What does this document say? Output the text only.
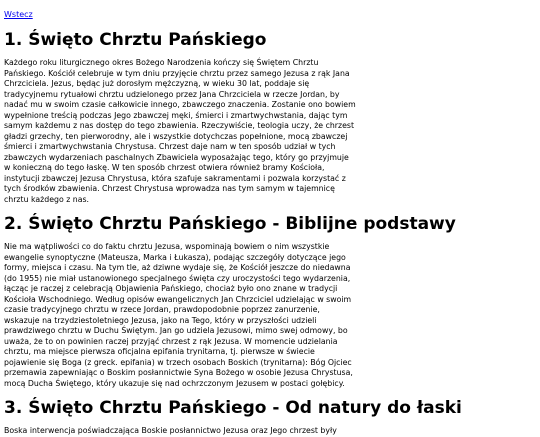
Wstecz
1. Święto Chrztu Pańskiego

Każdego roku liturgicznego okres Bożego Narodzenia kończy się Świętem Chrztu Pańskiego. Kościół celebruje w tym dniu przyjęcie chrztu przez samego Jezusa z rąk Jana Chrzciciela. Jezus, będąc już dorosłym mężczyzną, w wieku 30 lat, poddaje się tradycyjnemu rytuałowi chrztu udzielonego przez Jana Chrzciciela w rzecze Jordan, by nadać mu w swoim czasie całkowicie innego, zbawczego znaczenia. Zostanie ono bowiem wypełnione treścią podczas Jego zbawczej męki, śmierci i zmartwychwstania, dając tym samym każdemu z nas dostęp do tego zbawienia. Rzeczywiście, teologia uczy, że chrzest gładzi grzechy, ten pierworodny, ale i wszystkie dotychczas popełnione, mocą zbawczej śmierci i zmartwychwstania Chrystusa. Chrzest daje nam w ten sposób udział w tych zbawczych wydarzeniach paschalnych Zbawiciela wyposażając tego, który go przyjmuje w konieczną do tego łaskę. W ten sposób chrzest otwiera również bramy Kościoła, instytucji zbawczej Jezusa Chrystusa, która szafuje sakramentami i pozwala korzystać z tych środków zbawienia. Chrzest Chrystusa wprowadza nas tym samym w tajemnicę chrztu każdego z nas.

2. Święto Chrztu Pańskiego - Biblijne podstawy

Nie ma wątpliwości co do faktu chrztu Jezusa, wspominają bowiem o nim wszystkie ewangelie synoptyczne (Mateusza, Marka i Łukasza), podając szczegóły dotyczące jego formy, miejsca i czasu. Na tym tle, aż dziwne wydaje się, że Kościół jeszcze do niedawna (do 1955) nie miał ustanowionego specjalnego święta czy uroczystości tego wydarzenia, łącząc je raczej z celebracją Objawienia Pańskiego, chociaż było ono znane w tradycji Kościoła Wschodniego. Według opisów ewangelicznych Jan Chrzciciel udzielając w swoim czasie tradycyjnego chrztu w rzece Jordan, prawdopodobnie poprzez zanurzenie, wskazuje na trzydziestoletniego Jezusa, jako na Tego, który w przyszłości udzieli prawdziwego chrztu w Duchu Świętym. Jan go udziela Jezusowi, mimo swej odmowy, bo uważa, że to on powinien raczej przyjąć chrzest z rąk Jezusa. W momencie udzielania chrztu, ma miejsce pierwsza oficjalna epifania trynitarna, tj. pierwsze w świecie pojawienie się Boga (z greck. epifania) w trzech osobach Boskich (trynitarna): Bóg Ojciec przemawia zapewniając o Boskim posłannictwie Syna Bożego w osobie Jezusa Chrystusa, mocą Ducha Świętego, który ukazuje się nad ochrzczonym Jezusem w postaci gołębicy.

3. Święto Chrztu Pańskiego - Od natury do łaski

Boska interwencja poświadczająca Boskie posłannictwo Jezusa oraz Jego chrzest były
